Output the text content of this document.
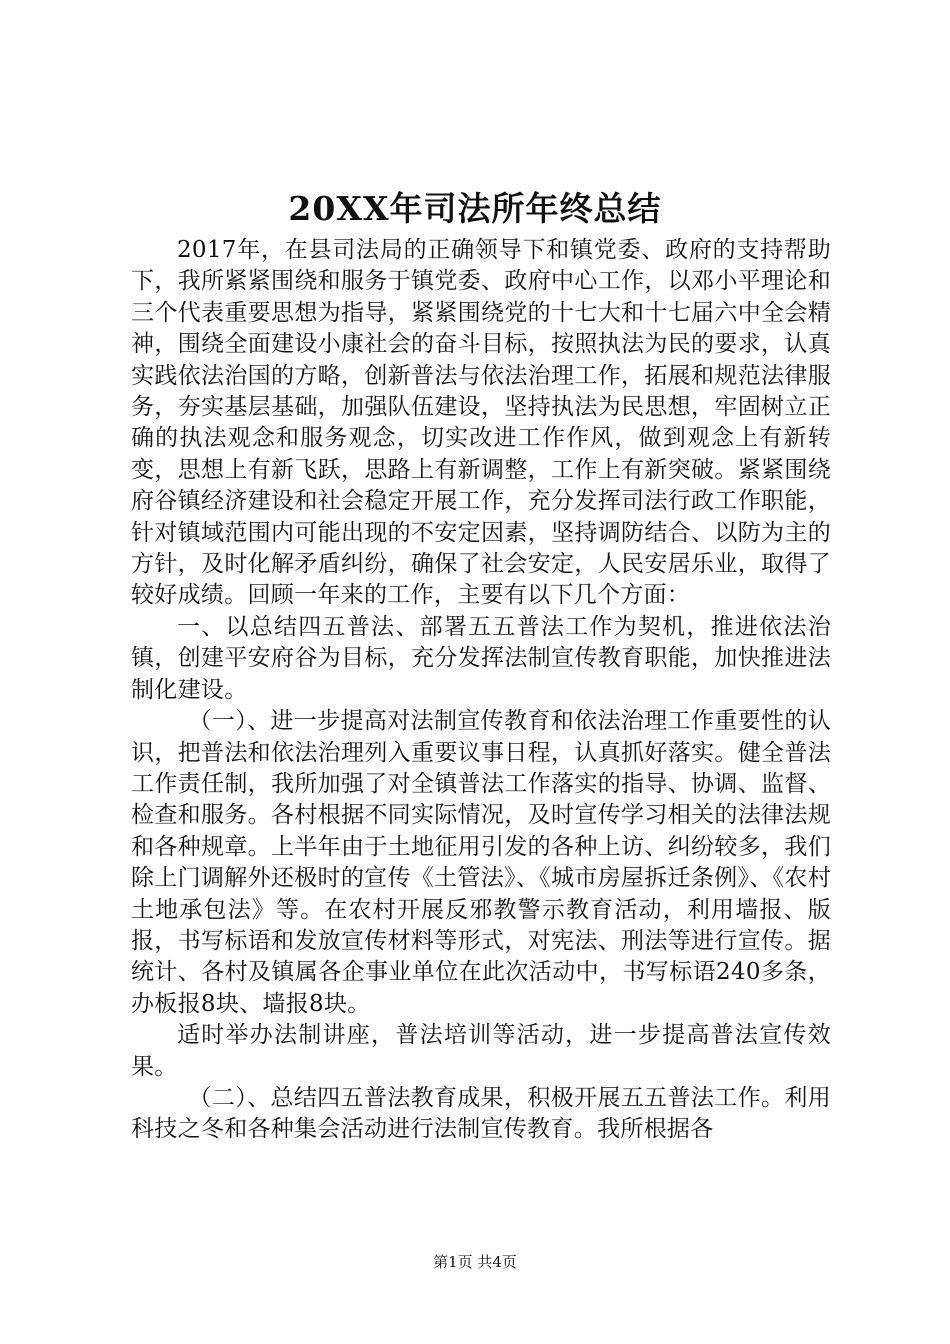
20XX年司法所年终总结

2017年，在县司法局的正确领导下和镇党委、政府的支持帮助下，我所紧紧围绕和服务于镇党委、政府中心工作，以邓小平理论和三个代表重要思想为指导，紧紧围绕党的十七大和十七届六中全会精神，围绕全面建设小康社会的奋斗目标，按照执法为民的要求，认真实践依法治国的方略，创新普法与依法治理工作，拓展和规范法律服务，夯实基层基础，加强队伍建设，坚持执法为民思想，牢固树立正确的执法观念和服务观念，切实改进工作作风，做到观念上有新转变，思想上有新飞跃，思路上有新调整，工作上有新突破。紧紧围绕府谷镇经济建设和社会稳定开展工作，充分发挥司法行政工作职能，针对镇域范围内可能出现的不安定因素，坚持调防结合、以防为主的方针，及时化解矛盾纠纷，确保了社会安定，人民安居乐业，取得了较好成绩。回顾一年来的工作，主要有以下几个方面：

一、以总结四五普法、部署五五普法工作为契机，推进依法治镇，创建平安府谷为目标，充分发挥法制宣传教育职能，加快推进法制化建设。

（一）、进一步提高对法制宣传教育和依法治理工作重要性的认识，把普法和依法治理列入重要议事日程，认真抓好落实。健全普法工作责任制，我所加强了对全镇普法工作落实的指导、协调、监督、检查和服务。各村根据不同实际情况，及时宣传学习相关的法律法规和各种规章。上半年由于土地征用引发的各种上访、纠纷较多，我们除上门调解外还极时的宣传《土管法》、《城市房屋拆迁条例》、《农村土地承包法》等。在农村开展反邪教警示教育活动，利用墙报、版报，书写标语和发放宣传材料等形式，对宪法、刑法等进行宣传。据统计、各村及镇属各企事业单位在此次活动中，书写标语240多条，办板报8块、墙报8块。

适时举办法制讲座，普法培训等活动，进一步提高普法宣传效果。

（二）、总结四五普法教育成果，积极开展五五普法工作。利用科技之冬和各种集会活动进行法制宣传教育。我所根据各

第1页 共4页
